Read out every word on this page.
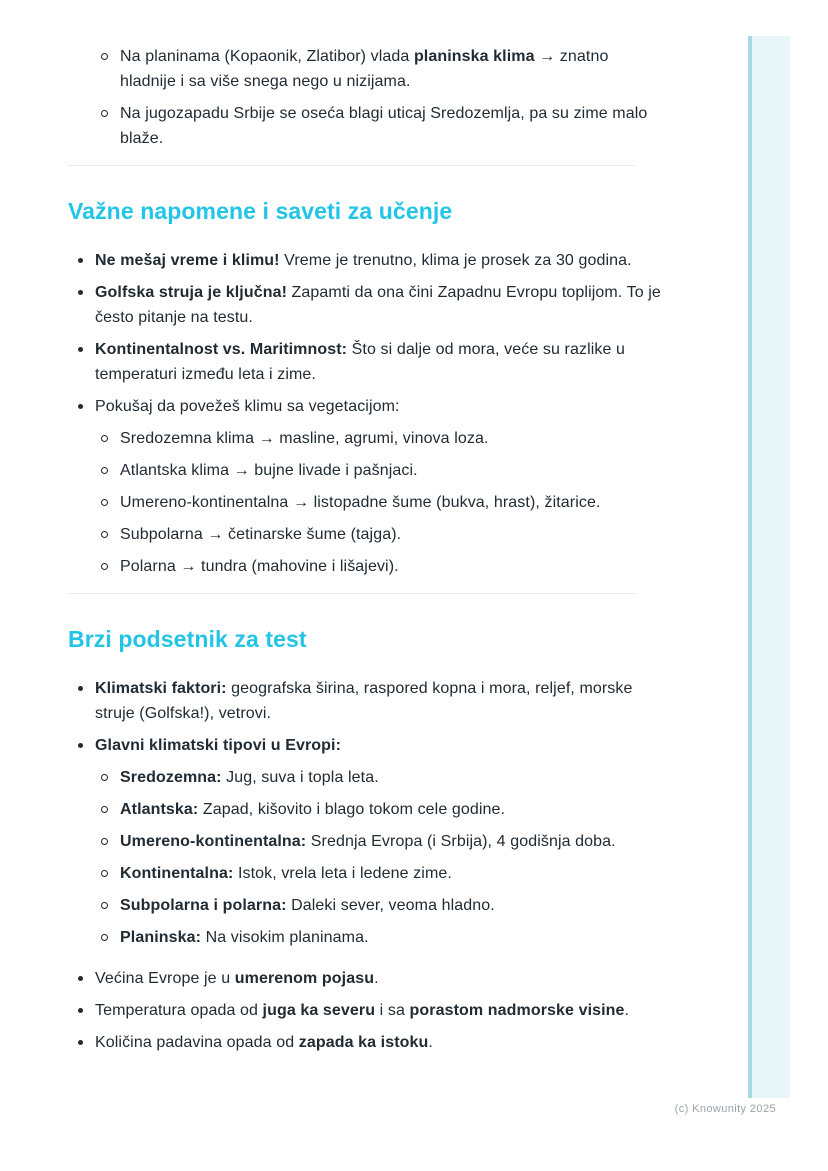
Na planinama (Kopaonik, Zlatibor) vlada planinska klima → znatno hladnije i sa više snega nego u nizijama.
Na jugozapadu Srbije se oseća blagi uticaj Sredozemlja, pa su zime malo blaže.
Važne napomene i saveti za učenje
Ne mešaj vreme i klimu! Vreme je trenutno, klima je prosek za 30 godina.
Golfska struja je ključna! Zapamti da ona čini Zapadnu Evropu toplijom. To je često pitanje na testu.
Kontinentalnost vs. Maritimnost: Što si dalje od mora, veće su razlike u temperaturi između leta i zime.
Pokušaj da povežeš klimu sa vegetacijom:
Sredozemna klima → masline, agrumi, vinova loza.
Atlantska klima → bujne livade i pašnjaci.
Umereno-kontinentalna → listopadne šume (bukva, hrast), žitarice.
Subpolarna → četinarske šume (tajga).
Polarna → tundra (mahovine i lišajevi).
Brzi podsetnik za test
Klimatski faktori: geografska širina, raspored kopna i mora, reljef, morske struje (Golfska!), vetrovi.
Glavni klimatski tipovi u Evropi:
Sredozemna: Jug, suva i topla leta.
Atlantska: Zapad, kišovito i blago tokom cele godine.
Umereno-kontinentalna: Srednja Evropa (i Srbija), 4 godišnja doba.
Kontinentalna: Istok, vrela leta i ledene zime.
Subpolarna i polarna: Daleki sever, veoma hladno.
Planinska: Na visokim planinama.
Većina Evrope je u umerenom pojasu.
Temperatura opada od juga ka severu i sa porastom nadmorske visine.
Količina padavina opada od zapada ka istoku.
(c) Knowunity 2025
